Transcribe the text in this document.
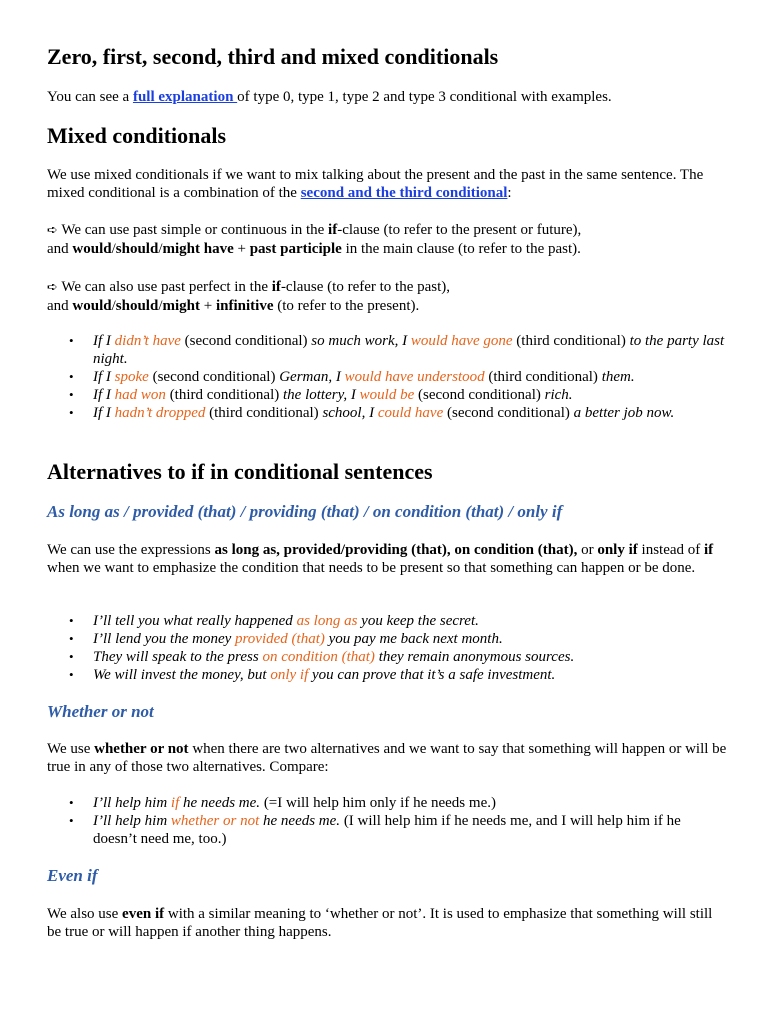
Zero, first, second, third and mixed conditionals

You can see a full explanation of type 0, type 1, type 2 and type 3 conditional with examples.

Mixed conditionals

We use mixed conditionals if we want to mix talking about the present and the past in the same sentence. The mixed conditional is a combination of the second and the third conditional:

➪ We can use past simple or continuous in the if-clause (to refer to the present or future),
and would/should/might have + past participle in the main clause (to refer to the past).

➪ We can also use past perfect in the if-clause (to refer to the past),
and would/should/might + infinitive (to refer to the present).

• If I didn’t have (second conditional) so much work, I would have gone (third conditional) to the party last night.
• If I spoke (second conditional) German, I would have understood (third conditional) them.
• If I had won (third conditional) the lottery, I would be (second conditional) rich.
• If I hadn’t dropped (third conditional) school, I could have (second conditional) a better job now.
Alternatives to if in conditional sentences

As long as / provided (that) / providing (that) / on condition (that) / only if

We can use the expressions as long as, provided/providing (that), on condition (that), or only if instead of if when we want to emphasize the condition that needs to be present so that something can happen or be done.

• I’ll tell you what really happened as long as you keep the secret.
• I’ll lend you the money provided (that) you pay me back next month.
• They will speak to the press on condition (that) they remain anonymous sources.
• We will invest the money, but only if you can prove that it’s a safe investment.

Whether or not

We use whether or not when there are two alternatives and we want to say that something will happen or will be true in any of those two alternatives. Compare:

• I’ll help him if he needs me. (=I will help him only if he needs me.)
• I’ll help him whether or not he needs me. (I will help him if he needs me, and I will help him if he doesn’t need me, too.)

Even if

We also use even if with a similar meaning to ‘whether or not’. It is used to emphasize that something will still be true or will happen if another thing happens.
